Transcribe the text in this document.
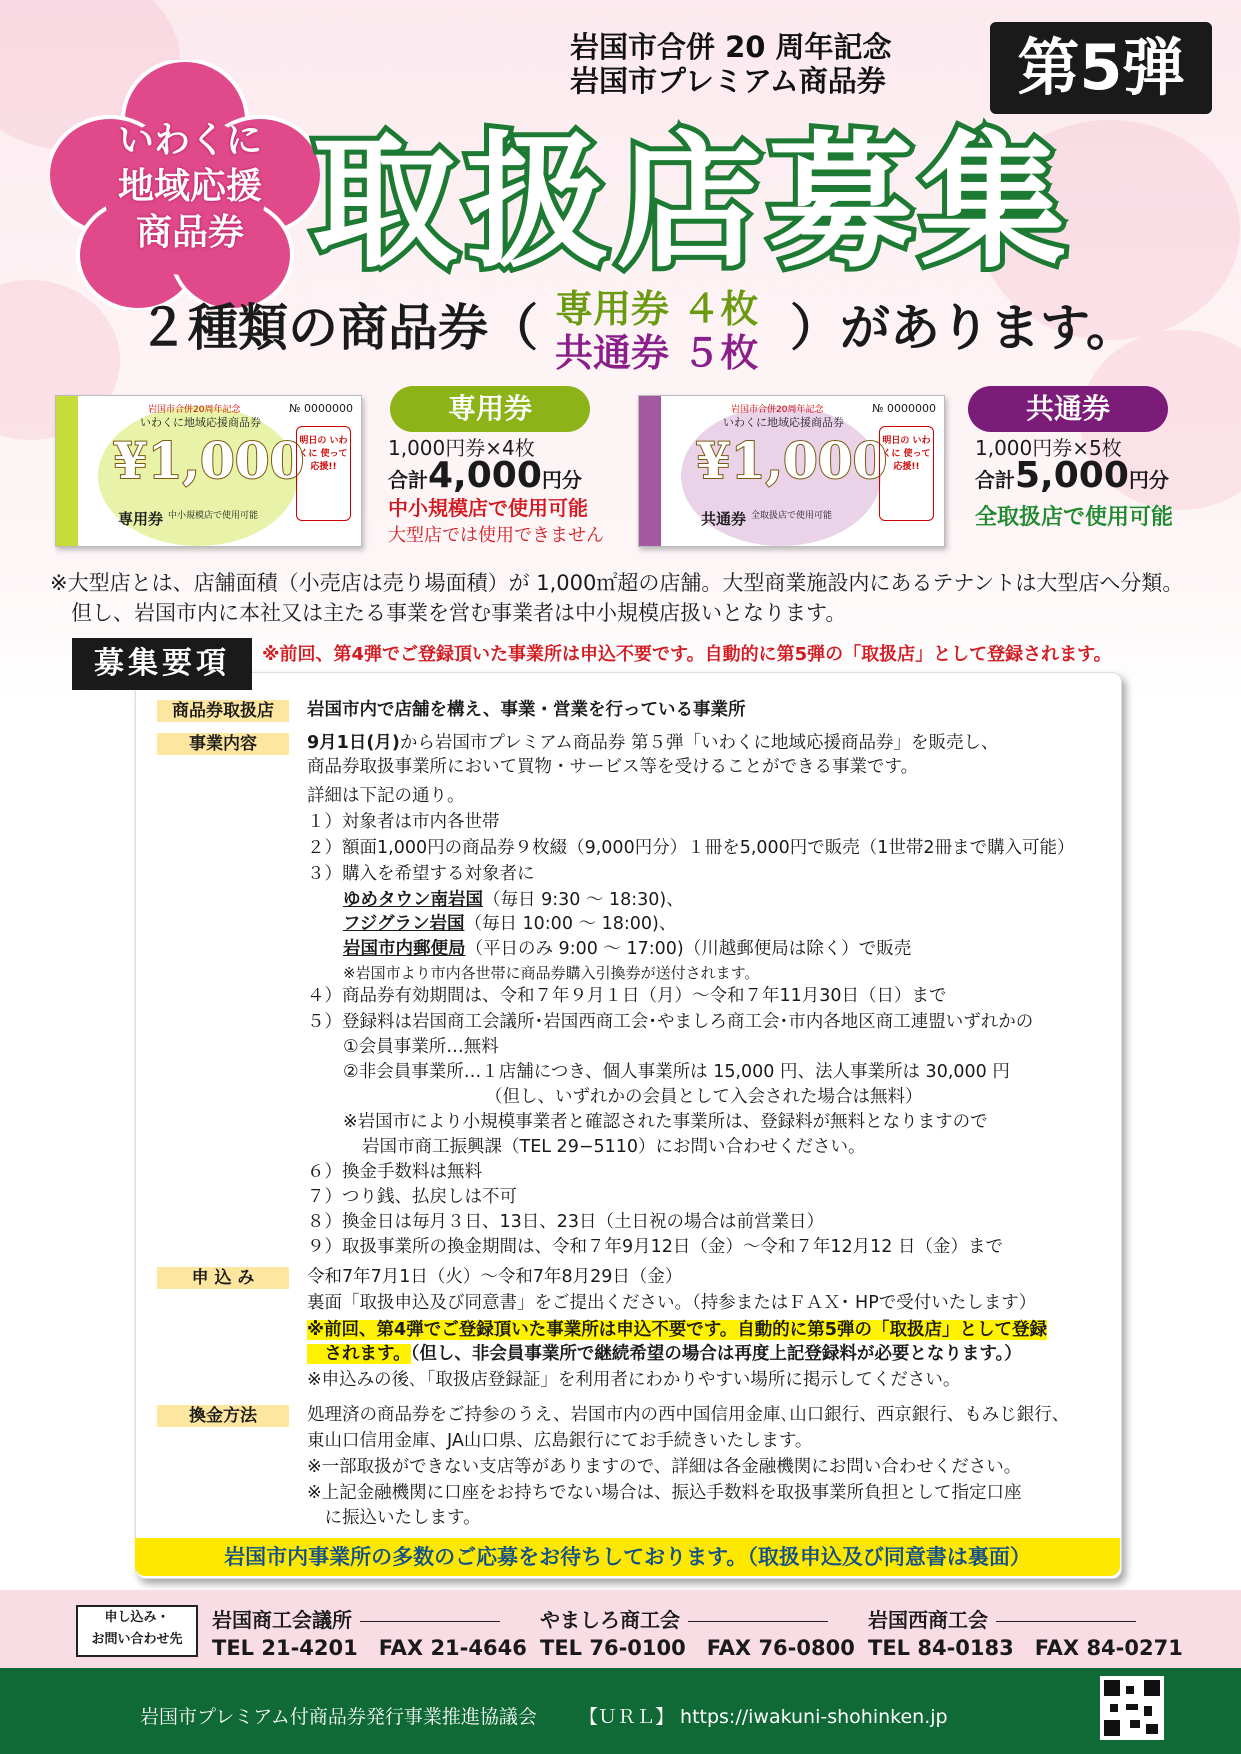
岩国市合併 20 周年記念
岩国市プレミアム商品券	第5弾
いわくに
地域応援
商品券 取扱店募集
２種類の商品券（ 専用券 ４枚
共通券 ５枚 ）があります。
岩国市合併20周年記念
いわくに地域応援商品券
№ 0000000
¥1,000
専用券 中小規模店で使用可能
明日の いわくに 使って応援!!
専用券
1,000円券×4枚
合計4,000円分
中小規模店で使用可能
大型店では使用できません
岩国市合併20周年記念
いわくに地域応援商品券
№ 0000000
¥1,000
共通券 全取扱店で使用可能
明日の いわくに 使って応援!!
共通券
1,000円券×5枚
合計5,000円分
全取扱店で使用可能
※大型店とは、店舗面積（小売店は売り場面積）が 1,000㎡超の店舗。大型商業施設内にあるテナントは大型店へ分類。
　但し、岩国市内に本社又は主たる事業を営む事業者は中小規模店扱いとなります。
募集要項	※前回、第4弾でご登録頂いた事業所は申込不要です。自動的に第5弾の「取扱店」として登録されます。
商品券取扱店	岩国市内で店舗を構え、事業・営業を行っている事業所
事業内容	9月1日(月)から岩国市プレミアム商品券 第５弾「いわくに地域応援商品券」を販売し、
商品券取扱事業所において買物・サービス等を受けることができる事業です。
詳細は下記の通り。
１）対象者は市内各世帯
２）額面1,000円の商品券９枚綴（9,000円分）１冊を5,000円で販売（1世帯2冊まで購入可能）
３）購入を希望する対象者に
ゆめタウン南岩国（毎日 9:30 ～ 18:30)、
フジグラン岩国（毎日 10:00 ～ 18:00)、
岩国市内郵便局（平日のみ 9:00 ～ 17:00)（川越郵便局は除く）で販売
※岩国市より市内各世帯に商品券購入引換券が送付されます。
４）商品券有効期間は、令和７年９月１日（月）～令和７年11月30日（日）まで
５）登録料は岩国商工会議所･岩国西商工会･やましろ商工会･市内各地区商工連盟いずれかの
①会員事業所…無料
②非会員事業所…１店舗につき、個人事業所は 15,000 円、法人事業所は 30,000 円
（但し、いずれかの会員として入会された場合は無料）
※岩国市により小規模事業者と確認された事業所は、登録料が無料となりますので
岩国市商工振興課（TEL 29−5110）にお問い合わせください。
６）換金手数料は無料
７）つり銭、払戻しは不可
８）換金日は毎月３日、13日、23日（土日祝の場合は前営業日）
９）取扱事業所の換金期間は、令和７年9月12日（金）～令和７年12月12 日（金）まで
申 込 み	令和7年7月1日（火）～令和7年8月29日（金）
裏面「取扱申込及び同意書」をご提出ください。（持参またはＦＡＸ･ HPで受付いたします）
※前回、第4弾でご登録頂いた事業所は申込不要です。自動的に第5弾の「取扱店」として登録
　されます。（但し、非会員事業所で継続希望の場合は再度上記登録料が必要となります。）
※申込みの後､「取扱店登録証」を利用者にわかりやすい場所に掲示してください。
換金方法	処理済の商品券をご持参のうえ、岩国市内の西中国信用金庫､山口銀行、西京銀行、もみじ銀行、
東山口信用金庫、JA山口県、広島銀行にてお手続きいたします。
※一部取扱ができない支店等がありますので、詳細は各金融機関にお問い合わせください。
※上記金融機関に口座をお持ちでない場合は、振込手数料を取扱事業所負担として指定口座
　に振込いたします。
岩国市内事業所の多数のご応募をお待ちしております。（取扱申込及び同意書は裏面）
申し込み・
お問い合わせ先
岩国商工会議所
TEL 21-4201　FAX 21-4646
やましろ商工会
TEL 76-0100　FAX 76-0800
岩国西商工会
TEL 84-0183　FAX 84-0271
岩国市プレミアム付商品券発行事業推進協議会 【ＵＲＬ】 https://iwakuni-shohinken.jp
